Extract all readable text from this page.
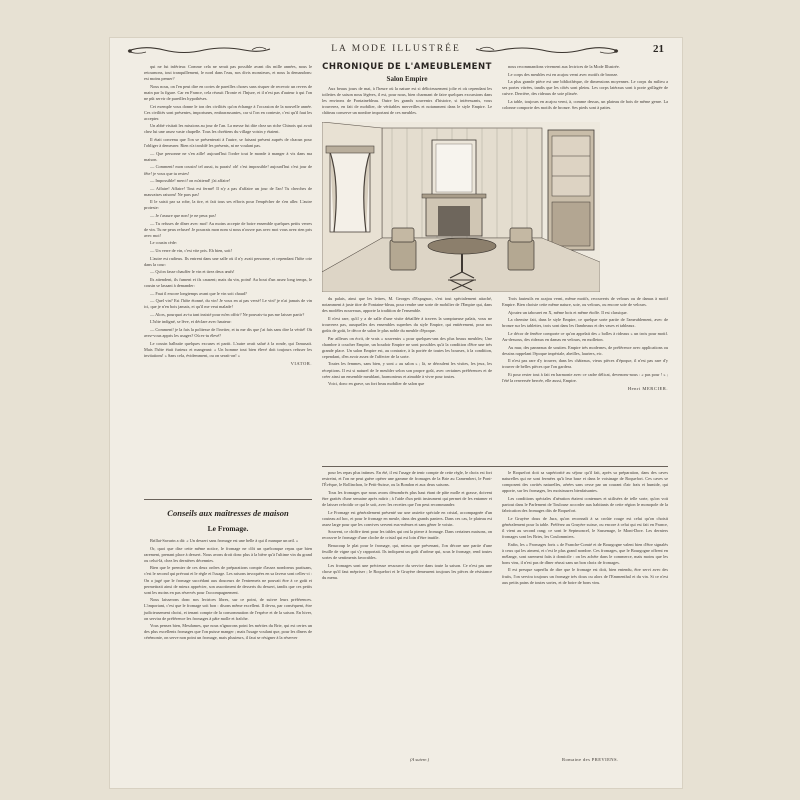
LA MODE ILLUSTRÉE	21

qui ne fut inférieur. Comme cela ne serait pas possible avant dix mille années, nous le retournons, tout tranquillement, le nord dans l'eau, nos divis monsieurs, et nous la demandons: est moins penser?

Nous nous, on l'en peut dire en cortes de pareilles choses sans risquer de recevoir un revers de main par la figure. Car en France, cela réussit l'Ironie et l'Injure, et il n'est pas d'auteur à qui l'on ne pût servir de pareilles hypothèses.

Cet exemple vous donne le ton des civilités qu'on échange à l'occasion de la nouvelle année. Ces civilités sont présentes, importunes, embarrassantes, car si l'on en conteste, c'est qu'il faut les accepter.

Un abbé visitait les missions au jour de l'an. La messe fut dite chez un riche Chinois qui avait chez lui une assez vaste chapelle. Tous les chrétiens du village voisin y étaient.

Il était convenu que l'on se présenterait à l'autre, se faisant présent auprès de chacun pour l'obliger à demeurer. Rien n'a troublé les présents, ni ne voulant pas.

— Que personne ne s'en aille! aujourd'hui l'ordre tout le monde à manger à vis dans ma maison.

— Comment! mon cousin! tel aussi, tu parais! oh! c'est impossible! aujourd'hui c'est jour de fête! je vous que tu restes!

— Impossible! merci! on m'attend! j'ai affaire!

— Affaire! Affaire! Tout est fermé! Il n'y a pas d'affaire un jour de l'an! Tu cherches de mauvaises raisons! Ne pars pas!

Il le saisit par sa robe, la tire, et fait tous ses efforts pour l'empêcher de s'en aller. L'autre proteste:

— Je t'assure que non! je ne peux pas!

— Tu refuses de dîner avec moi! Au moins accepte de boire ensemble quelques petits verres de vin. Tu ne peux refuser! Je pourrais mon nom si nous n'ouvre pas avec moi vous avez rien pris avec moi!

Le cousin cède:

— Un verre de vin, c'est vite pris. Eh bien, soit!

L'autre est radieux. Ils entrent dans une salle où il n'y avait personne, et cependant l'hôte crie dans la cour:

— Qu'on fasse chauffer le vin et tirez deux œufs!

Ils attendent, ils fument et ils causent; mais du vin, point! Au bout d'un assez long temps, le cousin se lassant à demander:

— Faut il encore longtemps avant que le vin soit chaud?

— Quel vin? Est l'hôte étonné, du vin! Je vous en ai pas versé! Le vin? je n'ai jamais de vin ici, que je n'en bois jamais, et qu'il me veut malade!

— Alors, pourquoi as-tu tant insisté pour m'en offrir? Ne pouvais-tu pas me laisser partir?

L'hôte indigné, se lève, et déclare avec hauteur:

— Comment! je la fais la politesse de l'inviter, et tu me dis que j'ai fais sans dire la vérité! Où avez-vous appris les usages? Où es-tu élevé?

Le cousin balbutie quelques excuses et partit. L'autre avait salué à la ronde, qui l'amusait. Mais l'hôte était furieux et mangeant: « Un homme tout bien élevé doit toujours refuser les invitations! » Sans cela, évidemment, ou on serait-on! »

VIATOR.
Conseils aux maîtresses de maison
Le Fromage.

Brillat-Savarin a dit: « Un dessert sans fromage est une belle à qui il manque un œil. »

Or, quoi que dise cette même notice, le fromage ne clôt un quelconque repas que bien rarement, prenant place à dessert. Nous avons droit donc plus à la bière qu'à l'ultime vin du grand ou celui-là, chez les dernières décennies.

Bien que le premier de ces deux ordres de préparations compte d'assez nombreux partisans, c'est le second qui prévaut et le règle et l'usage. Les raisons invoquées en sa faveur sont celles-ci : On a jugé que le fromage succédant aux douceurs de l'entremets ne pouvait être à ce goût et permettrait ainsi de mieux apprécier, son assortiment de desserts du dessert, tandis que ces petits sont les moins en pas réservés pour l'accompagnement.

Nous laisserons donc nos lectrices libres, sur ce point, de suivre leurs préférences. L'important, c'est que le fromage soit bon : disons même excellent. Il devra, par conséquent, être judicieusement choisi, et tenant compte de la consommation de l'espèce et de la saison. En hiver, on servira de préférence les fromages à pâte molle et fraîche.

Vous pensez bien, Mesdames, que nous n'ignorons point les mérites du Brie, qui est certes un des plus excellents fromages que l'on puisse manger ; mais l'usage voulant que, pour les dîners de cérémonie, on serve non point un fromage, mais plusieurs, il faut se résigner à la réserver

CHRONIQUE DE L'AMEUBLEMENT
Salon Empire

Aux beaux jours de mai, à l'heure où la nature est si délicieusement jolie et où cependant les toilettes de saison nous légères, il est, pour nous, bien charmant de faire quelques excursions dans les environs de Fontainebleau. Outre les grands souvenirs d'histoire, si intéressants, vous trouverez, en fait de mobilier, de véritables merveilles et notamment dans le style Empire. Le château conserve un nombre important de ces meubles.

nous recommandons vivement aux lectrices de la Mode Illustrée.

Le corps des meubles est en acajou verni avec motifs de bronze.

La plus grande pièce est une bibliothèque, de dimensions moyennes. Le corps du milieu a ses portes vitrées, tandis que les côtés sont pleins. Les corps latéraux sont à porte grillagée de cuivre. Derrière, des rideaux de soie plissée.

La table, toujours en acajou verni, à, comme dessus, un plateau de bois de même genre. La colonne comporte des motifs de bronze. Ses pieds sont à pattes.

du palais, ainsi que les lettres, M. Georges d'Espagnac, s'est tout spécialement attaché, notamment à juste titre de Fontaine-bleau, pour rendre une sorte de mobilier de l'Empire qui, dans des modèles nouveaux, apporte la tradition de l'ensemble.

Il n'est rare, qu'il y a de salle d'une visite détaillée à travers la somptueuse palais, vous ne trouverez pas, auxquelles des ensembles superbes du style Empire, qui entièrement, pour nos goûts de goût, le décor de salon le plus noble du meuble d'époque.

Par ailleurs on écrit, de vrais « souvenirs » pour quelques-uns des plus beaux meubles; Une chambre à coucher Empire, un boudoir Empire ne sont possibles qu'à la condition d'être une très grande place. Un salon Empire est, au contraire, à la portée de toutes les bourses, à la condition, cependant, d'en avoir assez de l'affecter de la sorte.

Toutes les femmes, sans bien, y sont « au salon » ; là, se déroulent les visites, les jeux, les réceptions. Il est si naturel de le meubler selon son propre goût, avec certaines préférences et de créer ainsi un ensemble meublant, harmonieux et aimable à vivre pour toutes.

Voici, donc en grave, un fort beau mobilier de salon que

Trois fauteuils en acajou verni, même motifs, recouverts de velours ou de damas à motif Empire. Bien choisie cette même nature, soie, ou velours, ou encore soie de velours.

Ajoutez un tabouret en X, même bois et même étoffe. Il est classique.

La chemise fait, dans le style Empire, ce quelque sorte partie de l'ameublement, avec de bronze sur les tablettes, trois sont dans les flambeaux et des vases et tableaux.

Le décor de fenêtre comporte ce qu'on appelait des « bolles à rideaux » un trois pour motif. Au-dessous, des rideaux en damas en velours, en molleton.

Au mur, des panneaux de soutien. Empire très modernes, de préférence avec applications ou dessins rappelant l'époque impériale, abeilles, lauriers, etc.

Il n'est pas rare d'y trouver, dans les châteaux, vieux pièces d'époque, il n'est pas rare d'y trouver de belles pièces que l'on gardera.

Et pour rester tout à fait en harmonie avec ce cadre délicat, devenons-nous : « pas pour ! » ; l'été la renversée bercée, elle aussi, Empire.

Henri MERCIER.

pour les repas plus intimes. En été, il est l'usage de tenir compte de cette règle, le choix est fort restreint, et l'on ne peut guère opérer une gamme de fromages de la Brie au Camembert, le Pont-l'Évêque, le Rollinchon, le Petit-Suisse, ou la Bondon et aux deux saisons.

Tous les fromages que nous avons dénombrés plus haut étant de pâte molle et grasse, doivent être grattés d'une semaine après mûrir ; à l'aide d'un petit instrument qui permet de les entamer et de laisser refroidir ce qui le soit, avec les recettes que l'on peut recommander.

Le Fromage est généralement présenté sur une assiette spéciale en cristal, accompagnée d'un couteau ad hoc, et pour le fromage en meule, dans des grands paniers. Dans ces cas, le plateau est assez large pour que les convives servent eux-mêmes et sans gêner le voisin.

Souvent, ce chiffre tient pour les tables qui ont la pierre à fromage. Dans certaines maisons, on recouvre le fromage d'une cloche de cristal qui est loin d'être inutile.

Beaucoup le plat pour le fromage, qui, mieux que prévenant, l'on décore une partie d'une feuille de vigne qui s'y rapportait. Ils indiquent un goût d'arôme qui, sous le fromage, rend toutes sortes de sentiments favorables.

Les fromages sont une précieuse ressource du service dans toute la saison. Ce n'est pas une chose qu'il faut mépriser ; le Roquefort et le Gruyère demeurent toujours les pièces de résistance du menu.

le Roquefort doit sa supériorité au séjour qu'il fait, après sa préparation, dans des caves naturelles qui ne sont fermées qu'à leur base et dans le voisinage de Roquefort. Ces caves se composent des cavités naturelles, aérées sans cesse par un courant d'air frais et humide, qui apporte, sur les fromages, les moisissures bienfaisantes.

Les conditions spéciales d'aération étaient contenues et utilisées de telle sorte, qu'on voit partout dans le Parlement de Toulouse accorder aux habitants de cette région le monopole de la fabrication des fromages dits de Roquefort.

Le Gruyère doux de Jura, qu'on reconnaît à sa croûte rouge est celui qu'on choisit généralement pour la table. Préférez au Gruyère suisse, ou encore à celui qui est fait en France, il vient au second rang; ce sont le Septmoncel, le Sassenage, le Mont-Dore. Les derniers fromages sont les Bries, les Coulommiers.

Enfin, les « Fromages forts » de Franche-Comté et de Bourgogne valent bien d'être signalés à ceux qui les aiment, et c'est le plus grand nombre. Ces fromages, que le Bourgogne offrent en mélange, sont rarement faits à domicile : on les achète dans le commerce, mais moins que les bons vins, il n'est pas de dîner réussi sans un bon choix de fromages.

Il est presque superflu de dire que le fromage est doit, bien entendu, être servi avec des fruits, l'on servira toujours un fromage très doux ou alors de l'Emmenthal et du vin. Si ce n'est aux petits pains de toutes sortes, et de boire de bons vins.

(A suivre.)	Romaine des PREVIENS.
